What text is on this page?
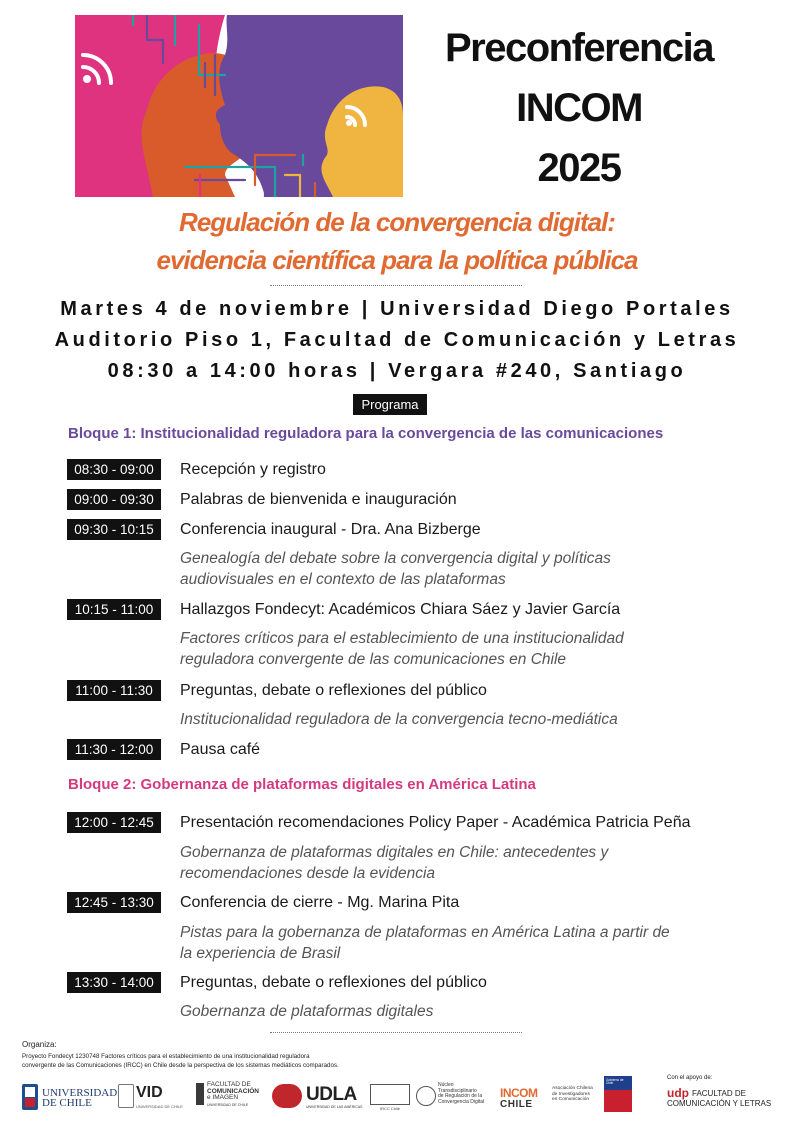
Preconferencia
INCOM
2025
Regulación de la convergencia digital:
evidencia científica para la política pública
Martes 4 de noviembre | Universidad Diego Portales
Auditorio Piso 1, Facultad de Comunicación y Letras
08:30 a 14:00 horas | Vergara #240, Santiago
Programa
Bloque 1: Institucionalidad reguladora para la convergencia de las comunicaciones
08:30 - 09:00	Recepción y registro
09:00 - 09:30	Palabras de bienvenida e inauguración
09:30 - 10:15	Conferencia inaugural - Dra. Ana Bizberge
Genealogía del debate sobre la convergencia digital y políticas
audiovisuales en el contexto de las plataformas
10:15 - 11:00	Hallazgos Fondecyt: Académicos Chiara Sáez y Javier García
Factores críticos para el establecimiento de una institucionalidad
reguladora convergente de las comunicaciones en Chile
11:00 - 11:30	Preguntas, debate o reflexiones del público
Institucionalidad reguladora de la convergencia tecno-mediática
11:30 - 12:00	Pausa café
Bloque 2: Gobernanza de plataformas digitales en América Latina
12:00 - 12:45	Presentación recomendaciones Policy Paper - Académica Patricia Peña
Gobernanza de plataformas digitales en Chile: antecedentes y
recomendaciones desde la evidencia
12:45 - 13:30	Conferencia de cierre - Mg. Marina Pita
Pistas para la gobernanza de plataformas en América Latina a partir de
la experiencia de Brasil
13:30 - 14:00	Preguntas, debate o reflexiones del público
Gobernanza de plataformas digitales
Organiza:
Proyecto Fondecyt 1230748 Factores críticos para el establecimiento de una institucionalidad reguladora
convergente de las Comunicaciones (IRCC) en Chile desde la perspectiva de los sistemas mediáticos comparados.
Con el apoyo de:
UNIVERSIDAD DE CHILE
VID
UNIVERSIDAD DE CHILE
FACULTAD DE
COMUNICACIÓN
e IMAGEN
UNIVERSIDAD DE CHILE	UDLA
UNIVERSIDAD DE LAS AMÉRICAS	IRCC Chile
Núcleo
Transdisciplinario
de Regulación de la
Convergencia Digital
INCOM
CHILE
Asociación Chilena
de Investigadores
en Comunicación
Gobierno de Chile
udp FACULTAD DE
COMUNICACIÓN Y LETRAS
